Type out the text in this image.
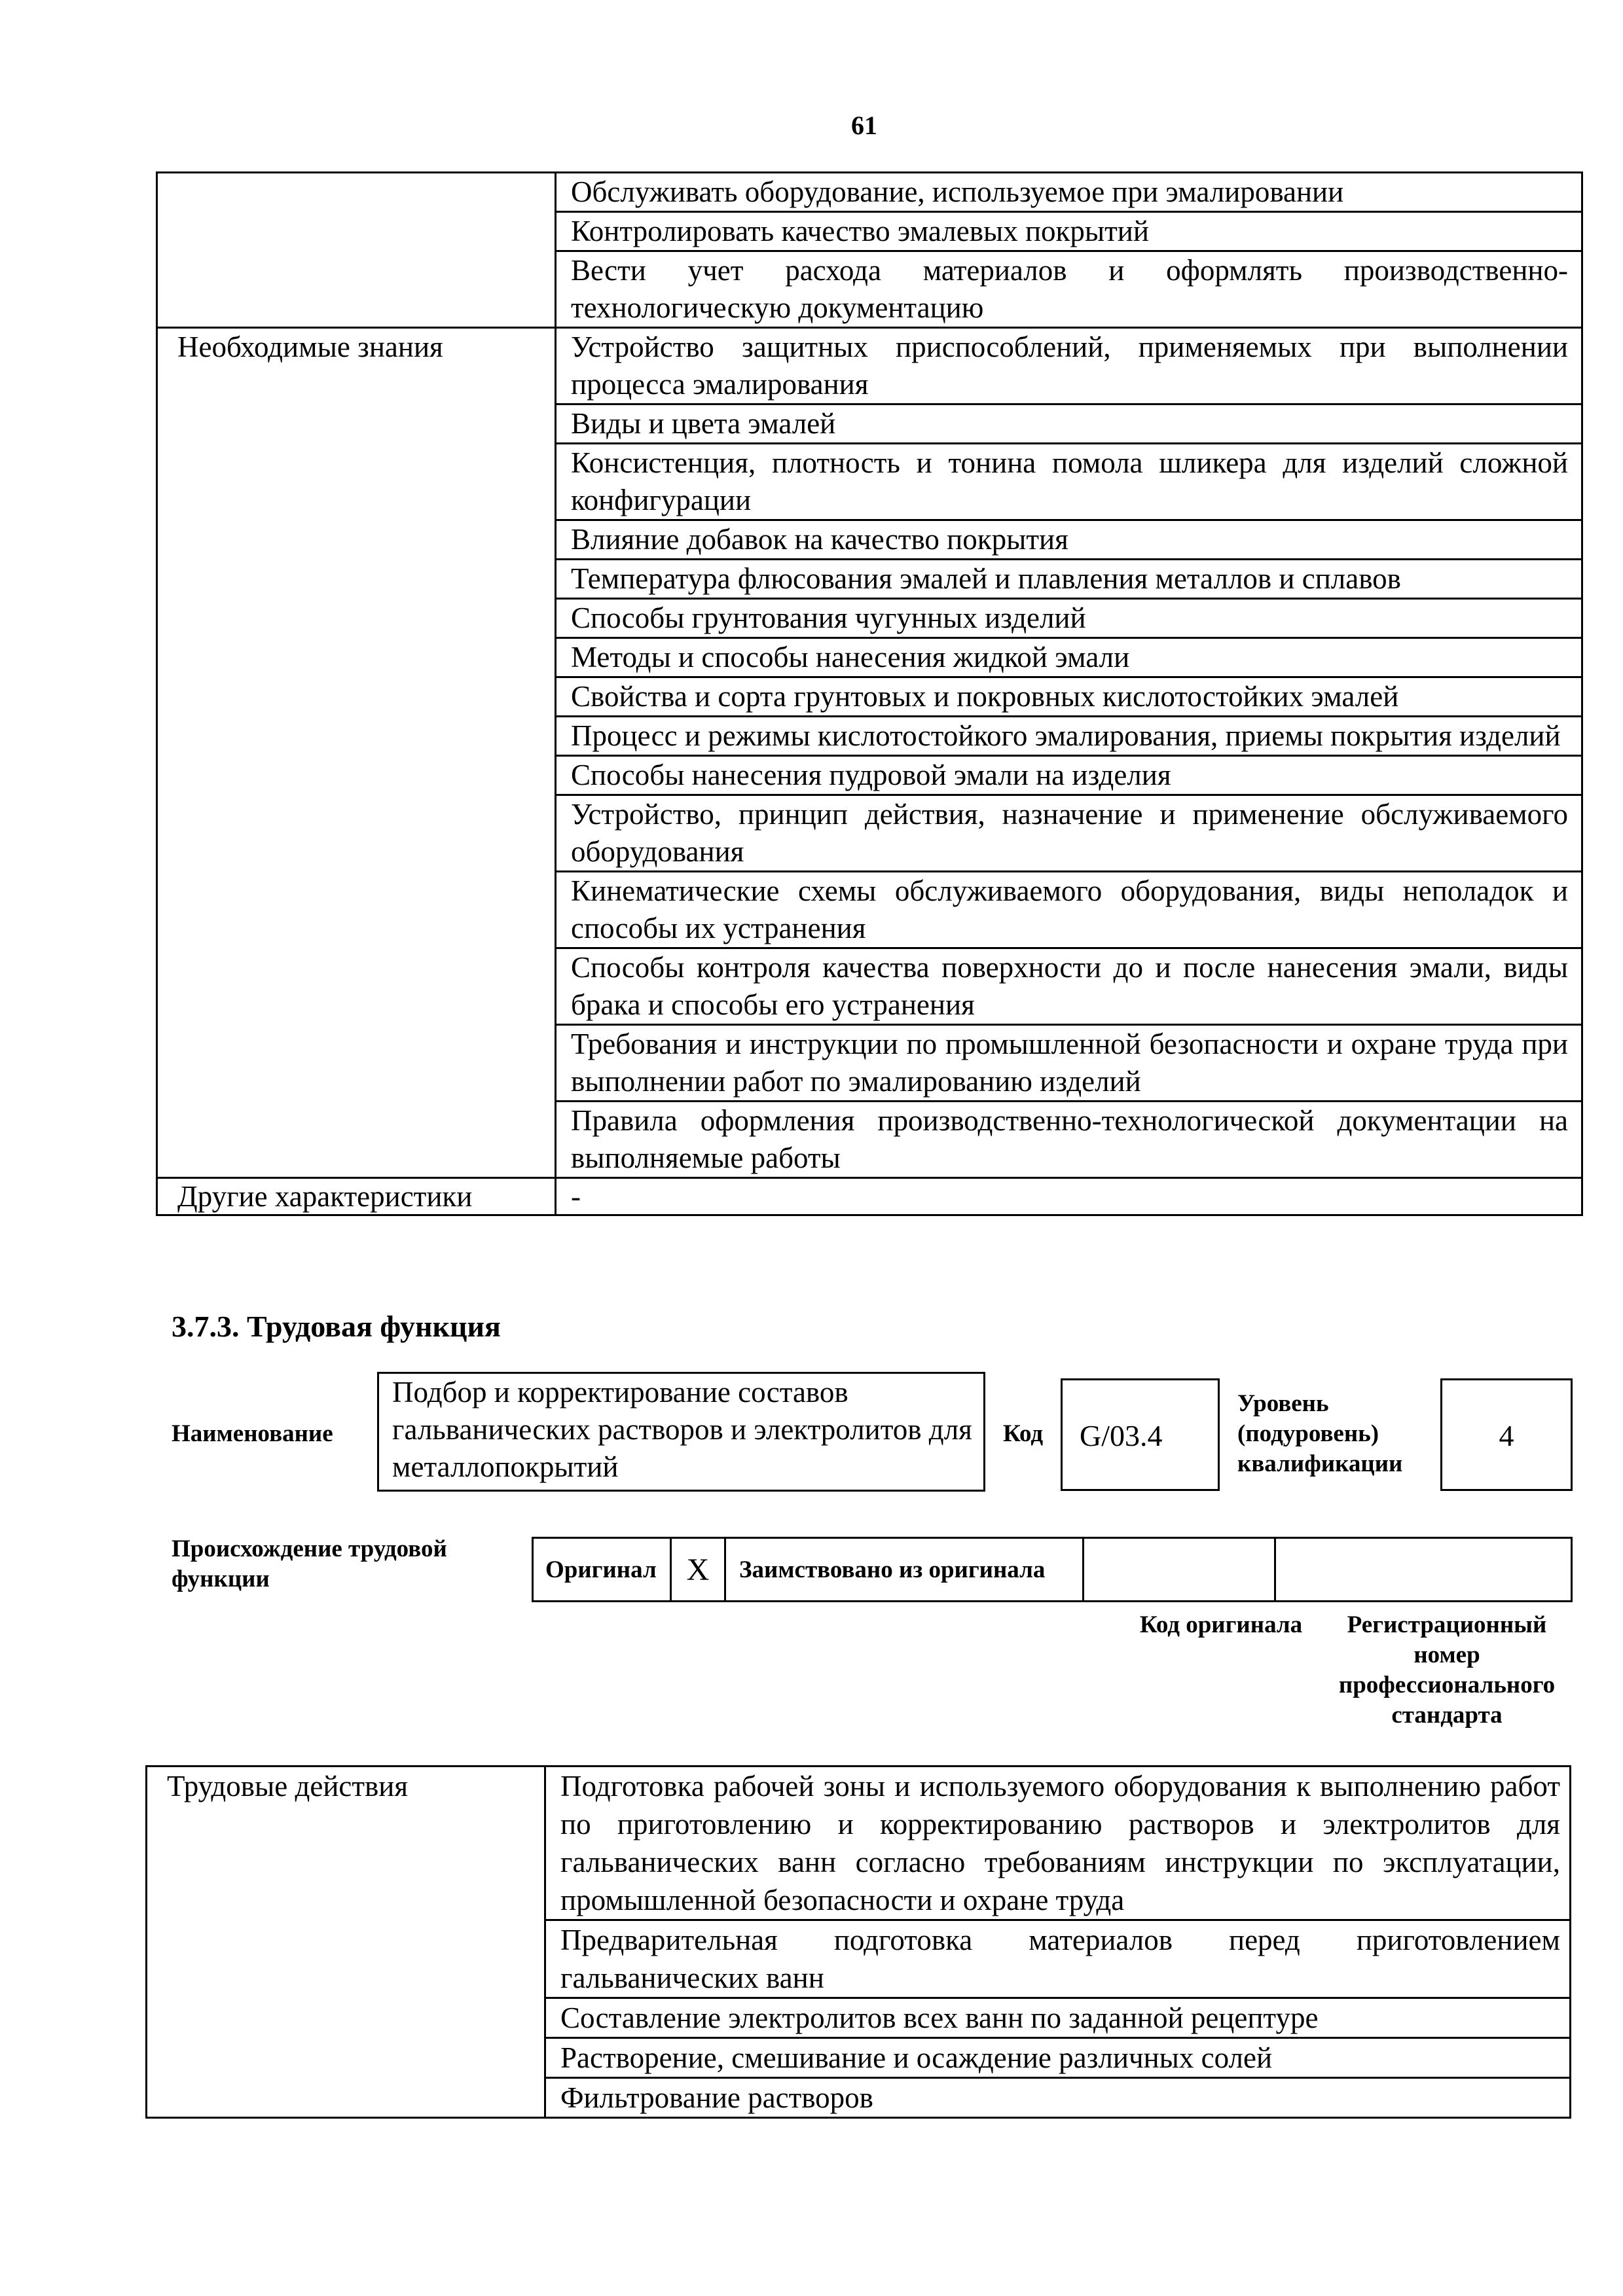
61
	Обслуживать оборудование, используемое при эмалировании
	Контролировать качество эмалевых покрытий
	Вести учет расхода материалов и оформлять производственно-технологическую документацию
Необходимые знания	Устройство защитных приспособлений, применяемых при выполнении процесса эмалирования
	Виды и цвета эмалей
	Консистенция, плотность и тонина помола шликера для изделий сложной конфигурации
	Влияние добавок на качество покрытия
	Температура флюсования эмалей и плавления металлов и сплавов
	Способы грунтования чугунных изделий
	Методы и способы нанесения жидкой эмали
	Свойства и сорта грунтовых и покровных кислотостойких эмалей
	Процесс и режимы кислотостойкого эмалирования, приемы покрытия изделий
	Способы нанесения пудровой эмали на изделия
	Устройство, принцип действия, назначение и применение обслуживаемого оборудования
	Кинематические схемы обслуживаемого оборудования, виды неполадок и способы их устранения
	Способы контроля качества поверхности до и после нанесения эмали, виды брака и способы его устранения
	Требования и инструкции по промышленной безопасности и охране труда при выполнении работ по эмалированию изделий
	Правила оформления производственно-технологической документации на выполняемые работы
Другие характеристики	-
3.7.3. Трудовая функция
Наименование
Подбор и корректирование составов гальванических растворов и электролитов для металлопокрытий
Код	G/03.4
Уровень (подуровень) квалификации
4
Происхождение трудовой функции	Оригинал	X	Заимствовано из оригинала		
Код оригинала	Регистрационный номер профессионального стандарта
Трудовые действия	Подготовка рабочей зоны и используемого оборудования к выполнению работ по приготовлению и корректированию растворов и электролитов для гальванических ванн согласно требованиям инструкции по эксплуатации, промышленной безопасности и охране труда
Предварительная подготовка материалов перед приготовлением гальванических ванн
Составление электролитов всех ванн по заданной рецептуре
Растворение, смешивание и осаждение различных солей
Фильтрование растворов
